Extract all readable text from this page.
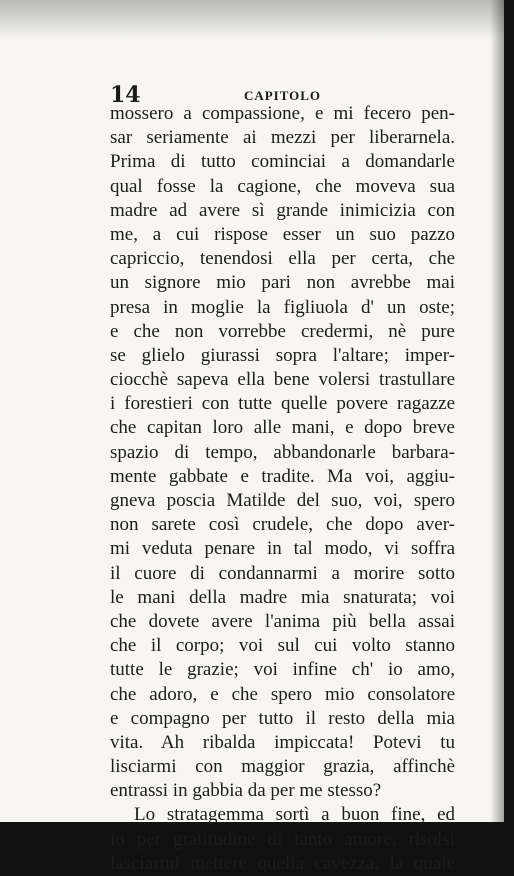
14	CAPITOLO
mossero a compassione, e mi fecero pen-
sar seriamente ai mezzi per liberarnela.
Prima di tutto cominciai a domandarle
qual fosse la cagione, che moveva sua
madre ad avere sì grande inimicizia con
me, a cui rispose esser un suo pazzo
capriccio, tenendosi ella per certa, che
un signore mio pari non avrebbe mai
presa in moglie la figliuola d' un oste;
e che non vorrebbe credermi, nè pure
se glielo giurassi sopra l'altare; imper-
ciocchè sapeva ella bene volersi trastullare
i forestieri con tutte quelle povere ragazze
che capitan loro alle mani, e dopo breve
spazio di tempo, abbandonarle barbara-
mente gabbate e tradite. Ma voi, aggiu-
gneva poscia Matilde del suo, voi, spero
non sarete così crudele, che dopo aver-
mi veduta penare in tal modo, vi soffra
il cuore di condannarmi a morire sotto
le mani della madre mia snaturata; voi
che dovete avere l'anima più bella assai
che il corpo; voi sul cui volto stanno
tutte le grazie; voi infine ch' io amo,
che adoro, e che spero mio consolatore
e compagno per tutto il resto della mia
vita. Ah ribalda impiccata! Potevi tu
lisciarmi con maggior grazia, affinchè
entrassi in gabbia da per me stesso?
Lo stratagemma sortì a buon fine, ed
io per gratitudine di tanto amore, risolsi
lasciarmi mettere quella cavezza, la quale
